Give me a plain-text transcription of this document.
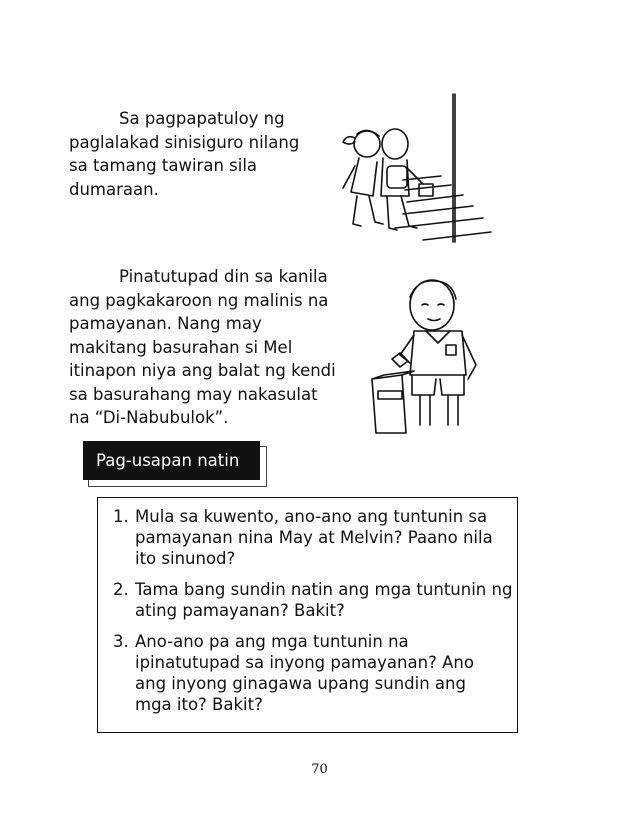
Sa pagpapatuloy ng
paglalakad sinisiguro nilang
sa tamang tawiran sila
dumaraan.
Pinatutupad din sa kanila
ang pagkakaroon ng malinis na
pamayanan. Nang may
makitang basurahan si Mel
itinapon niya ang balat ng kendi
sa basurahang may nakasulat
na “Di-Nabubulok”.
Pag-usapan natin
1. Mula sa kuwento, ano-ano ang tuntunin sa
pamayanan nina May at Melvin? Paano nila
ito sinunod?
2. Tama bang sundin natin ang mga tuntunin ng
ating pamayanan? Bakit?
3. Ano-ano pa ang mga tuntunin na
ipinatutupad sa inyong pamayanan? Ano
ang inyong ginagawa upang sundin ang
mga ito? Bakit?
70
